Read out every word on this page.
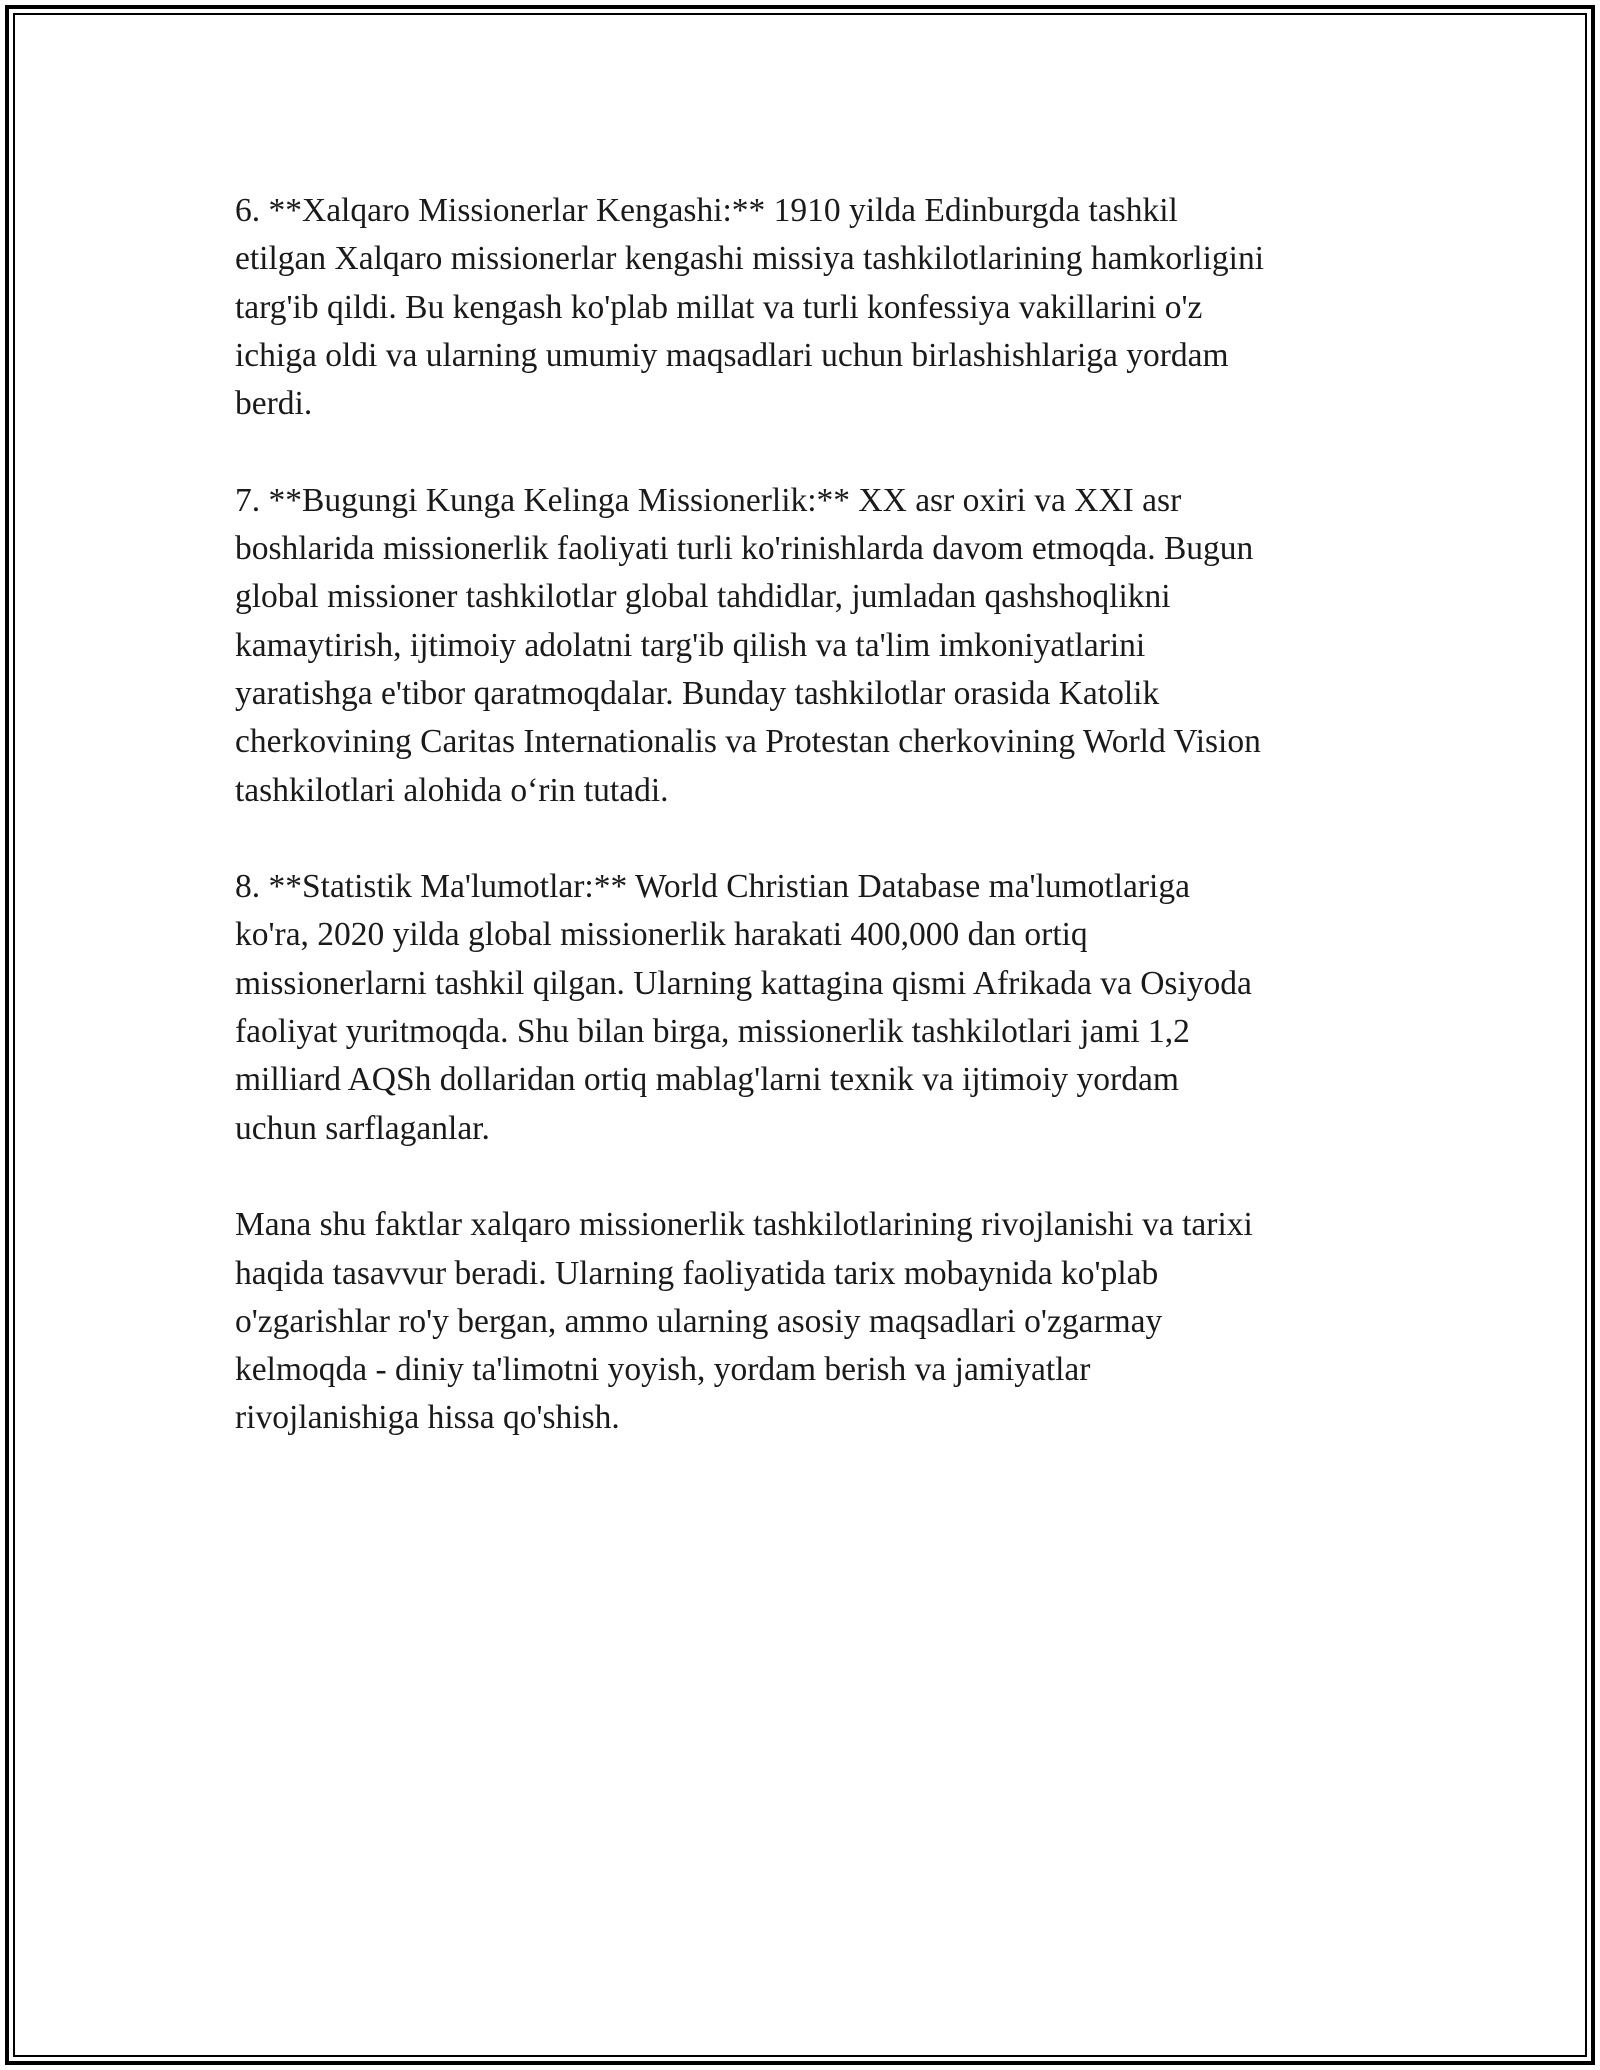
6. **Xalqaro Missionerlar Kengashi:** 1910 yilda Edinburgda tashkil
etilgan Xalqaro missionerlar kengashi missiya tashkilotlarining hamkorligini
targ'ib qildi. Bu kengash ko'plab millat va turli konfessiya vakillarini o'z
ichiga oldi va ularning umumiy maqsadlari uchun birlashishlariga yordam
berdi.

7. **Bugungi Kunga Kelinga Missionerlik:** XX asr oxiri va XXI asr
boshlarida missionerlik faoliyati turli ko'rinishlarda davom etmoqda. Bugun
global missioner tashkilotlar global tahdidlar, jumladan qashshoqlikni
kamaytirish, ijtimoiy adolatni targ'ib qilish va ta'lim imkoniyatlarini
yaratishga e'tibor qaratmoqdalar. Bunday tashkilotlar orasida Katolik
cherkovining Caritas Internationalis va Protestan cherkovining World Vision
tashkilotlari alohida oʻrin tutadi.

8. **Statistik Ma'lumotlar:** World Christian Database ma'lumotlariga
ko'ra, 2020 yilda global missionerlik harakati 400,000 dan ortiq
missionerlarni tashkil qilgan. Ularning kattagina qismi Afrikada va Osiyoda
faoliyat yuritmoqda. Shu bilan birga, missionerlik tashkilotlari jami 1,2
milliard AQSh dollaridan ortiq mablag'larni texnik va ijtimoiy yordam
uchun sarflaganlar.

Mana shu faktlar xalqaro missionerlik tashkilotlarining rivojlanishi va tarixi
haqida tasavvur beradi. Ularning faoliyatida tarix mobaynida ko'plab
o'zgarishlar ro'y bergan, ammo ularning asosiy maqsadlari o'zgarmay
kelmoqda - diniy ta'limotni yoyish, yordam berish va jamiyatlar
rivojlanishiga hissa qo'shish.
